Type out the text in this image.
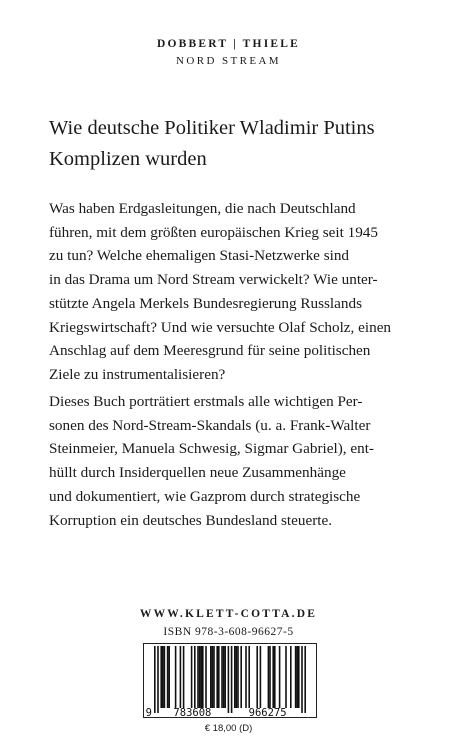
DOBBERT | THIELE
NORD STREAM
Wie deutsche Politiker Wladimir Putins
Komplizen wurden

Was haben Erdgasleitungen, die nach Deutschland
führen, mit dem größten europäischen Krieg seit 1945
zu tun? Welche ehemaligen Stasi-Netzwerke sind
in das Drama um Nord Stream verwickelt? Wie unter-
stützte Angela Merkels Bundesregierung Russlands
Kriegswirtschaft? Und wie versuchte Olaf Scholz, einen
Anschlag auf dem Meeresgrund für seine politischen
Ziele zu instrumentalisieren?

Dieses Buch porträtiert erstmals alle wichtigen Per-
sonen des Nord-Stream-Skandals (u. a. Frank-Walter
Steinmeier, Manuela Schwesig, Sigmar Gabriel), ent-
hüllt durch Insiderquellen neue Zusammenhänge
und dokumentiert, wie Gazprom durch strategische
Korruption ein deutsches Bundesland steuerte.

WWW.KLETT-COTTA.DE
ISBN 978-3-608-96627-5
9 783608	966275
€ 18,00 (D)
